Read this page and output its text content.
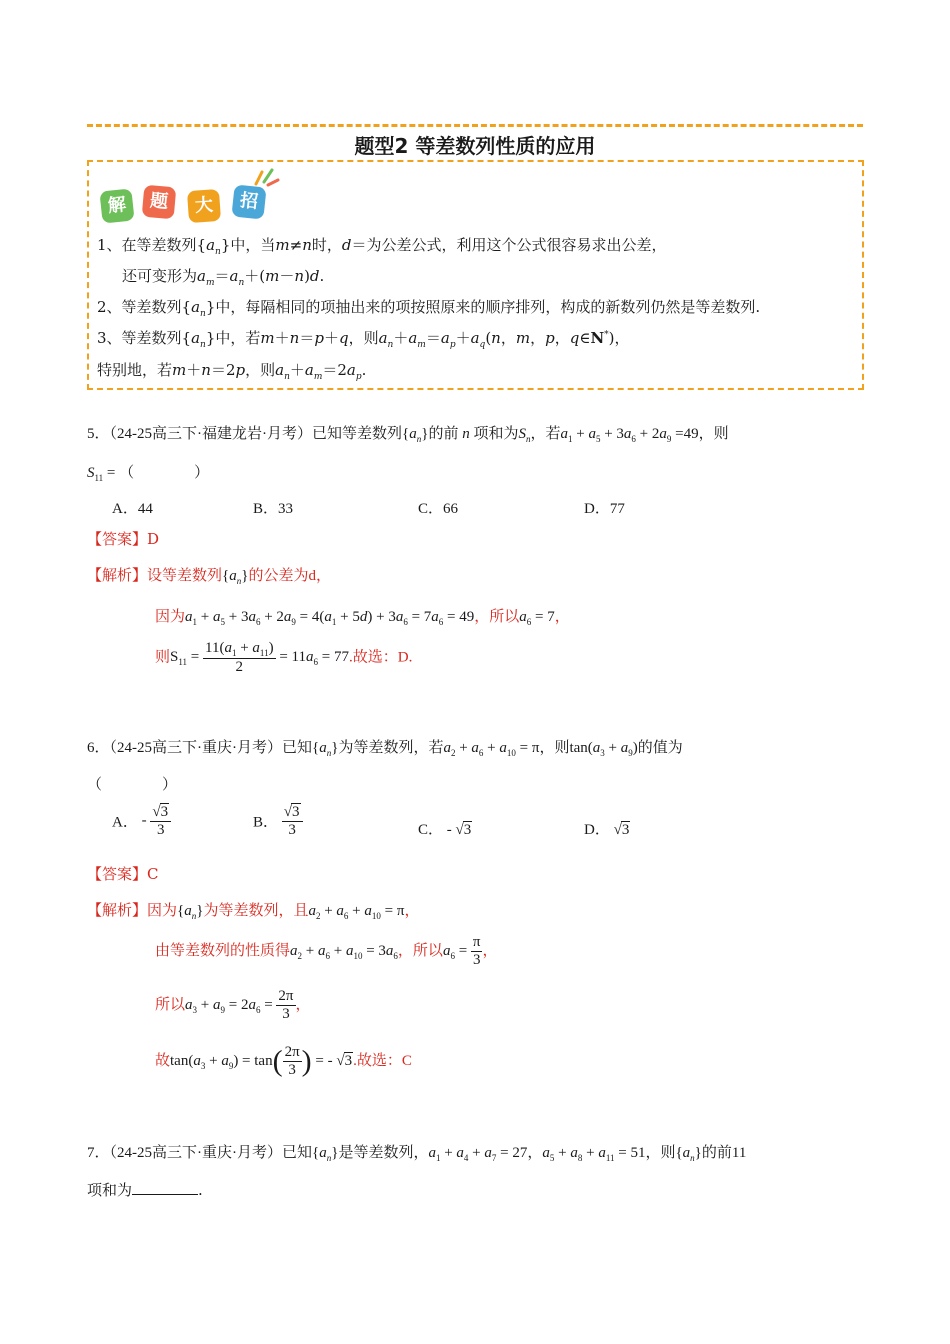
题型2 等差数列性质的应用
解	题	大	招
1、在等差数列$\{a_n\}$中，当m≠n时，d＝为公差公式，利用这个公式很容易求出公差，
还可变形为$a_m=a_n+(m-n)d$.
2、等差数列$\{a_n\}$中，每隔相同的项抽出来的项按照原来的顺序排列，构成的新数列仍然是等差数列.
3、等差数列$\{a_n\}$中，若m＋n＝p＋q，则$a_n+a_m=a_p+a_q(n$，m，p，q∈N*)，
特别地，若m＋n＝2p，则$a_n+a_m=2a_p$.
5．（24-25高三下·福建龙岩·月考）已知等差数列$\{a_n\}$的前 n 项和为$S_n$，若$a_1 + a_5 + 3a_6 + 2a_9 =49$，则
$S_{11}$ = （　　　　）
A．44	B．33	C．66	D．77
【答案】D
【解析】设等差数列$\{a_n\}$的公差为d，
因为$a_1 + a_5 + 3a_6 + 2a_9 = 4(a_1 + 5d) + 3a_6 = 7a_6 = 49$，所以$a_6 = 7$，
则$S_{11} = \frac{11(a_1 + a_{11})}{2} = 11a_6 = 77$.故选：D.
6．（24-25高三下·重庆·月考）已知$\{a_n\}$为等差数列，若$a_2 + a_6 + a_{10} = \pi$，则$\tan(a_3 + a_9)$的值为
（　　　　）
A． - $\frac{√3}{3}$	B． $\frac{√3}{3}$	C． - √3	D． √3
【答案】C
【解析】因为$\{a_n\}$为等差数列，且$a_2 + a_6 + a_{10} = \pi$，
由等差数列的性质得$a_2 + a_6 + a_{10} = 3a_6$，所以$a_6 = \frac{\pi}{3}$ ，
所以$a_3 + a_9 = 2a_6 = \frac{2\pi}{3}$ ，
故$\tan(a_3 + a_9) = \tan( \frac{2\pi}{3}$ ) = - √3.故选：C
7．（24-25高三下·重庆·月考）已知$\{a_n\}$是等差数列，$a_1 + a_4 + a_7 = 27$，$a_5 + a_8 + a_{11} = 51$，则$\{a_n\}$的前11
项和为	.
